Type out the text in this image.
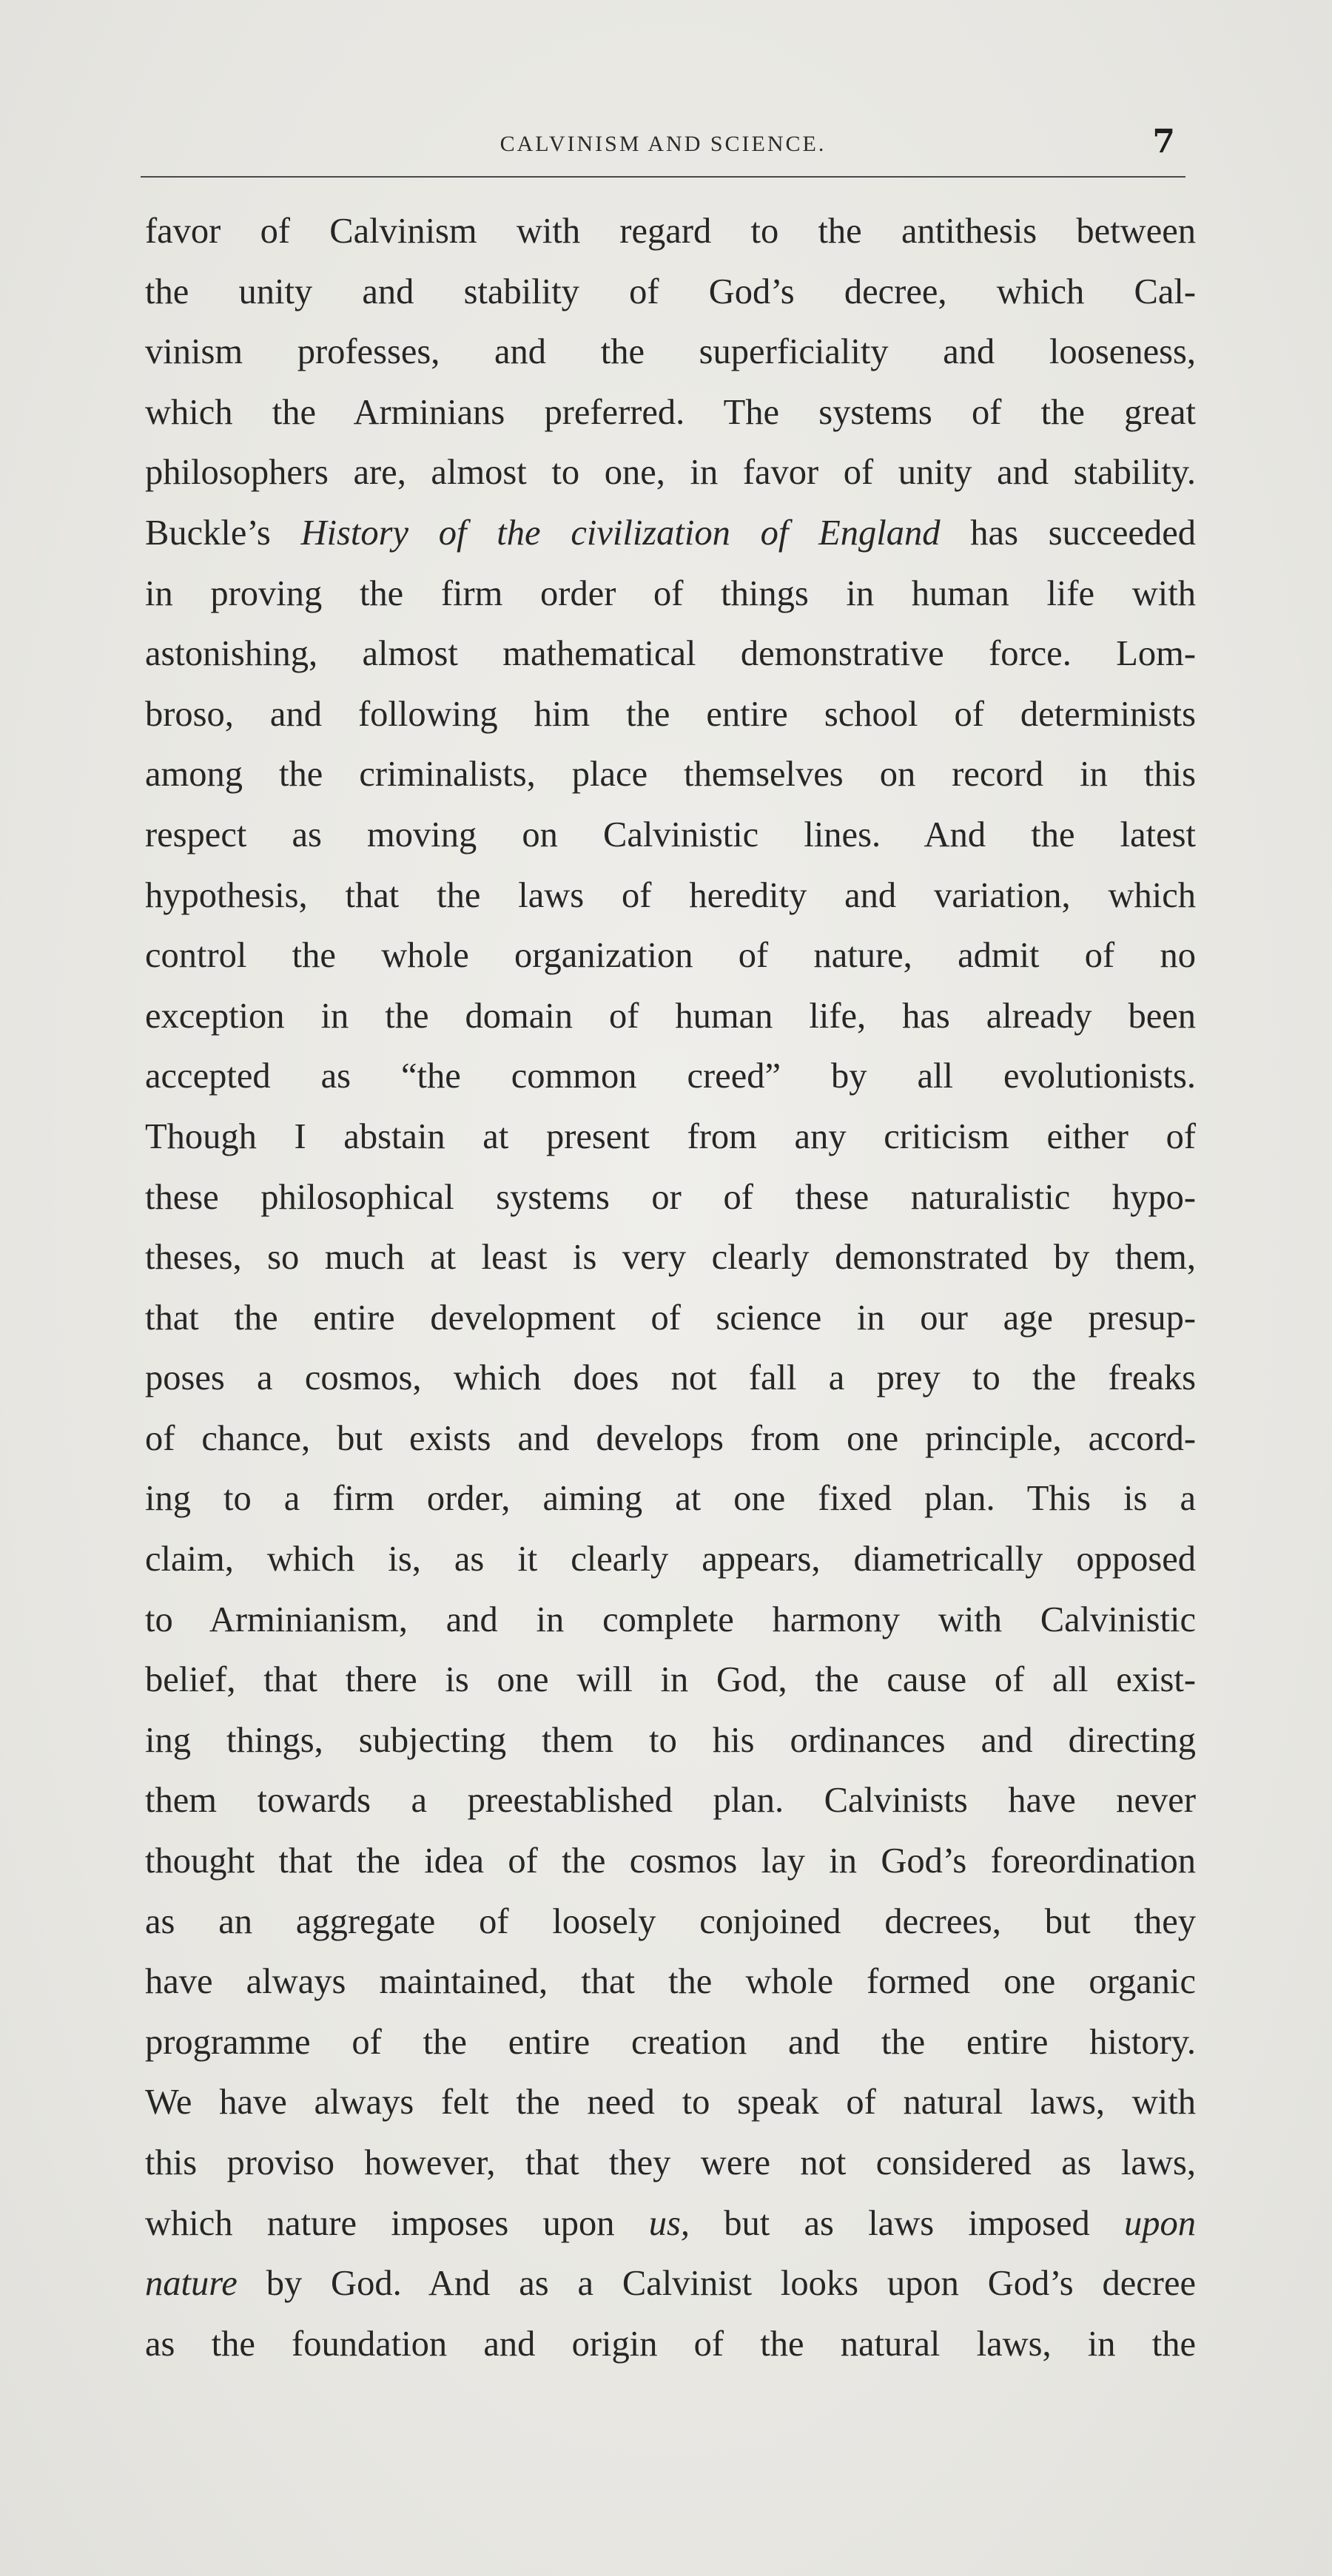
CALVINISM AND SCIENCE.	7
favor of Calvinism with regard to the antithesis between
the unity and stability of God’s decree, which Cal-
vinism professes, and the superficiality and looseness,
which the Arminians preferred. The systems of the great
philosophers are, almost to one, in favor of unity and stability.
Buckle’s History of the civilization of England has succeeded
in proving the firm order of things in human life with
astonishing, almost mathematical demonstrative force. Lom-
broso, and following him the entire school of determinists
among the criminalists, place themselves on record in this
respect as moving on Calvinistic lines. And the latest
hypothesis, that the laws of heredity and variation, which
control the whole organization of nature, admit of no
exception in the domain of human life, has already been
accepted as “the common creed” by all evolutionists.
Though I abstain at present from any criticism either of
these philosophical systems or of these naturalistic hypo-
theses, so much at least is very clearly demonstrated by them,
that the entire development of science in our age presup-
poses a cosmos, which does not fall a prey to the freaks
of chance, but exists and develops from one principle, accord-
ing to a firm order, aiming at one fixed plan. This is a
claim, which is, as it clearly appears, diametrically opposed
to Arminianism, and in complete harmony with Calvinistic
belief, that there is one will in God, the cause of all exist-
ing things, subjecting them to his ordinances and directing
them towards a preestablished plan. Calvinists have never
thought that the idea of the cosmos lay in God’s foreordination
as an aggregate of loosely conjoined decrees, but they
have always maintained, that the whole formed one organic
programme of the entire creation and the entire history.
We have always felt the need to speak of natural laws, with
this proviso however, that they were not considered as laws,
which nature imposes upon us, but as laws imposed upon
nature by God. And as a Calvinist looks upon God’s decree
as the foundation and origin of the natural laws, in the
